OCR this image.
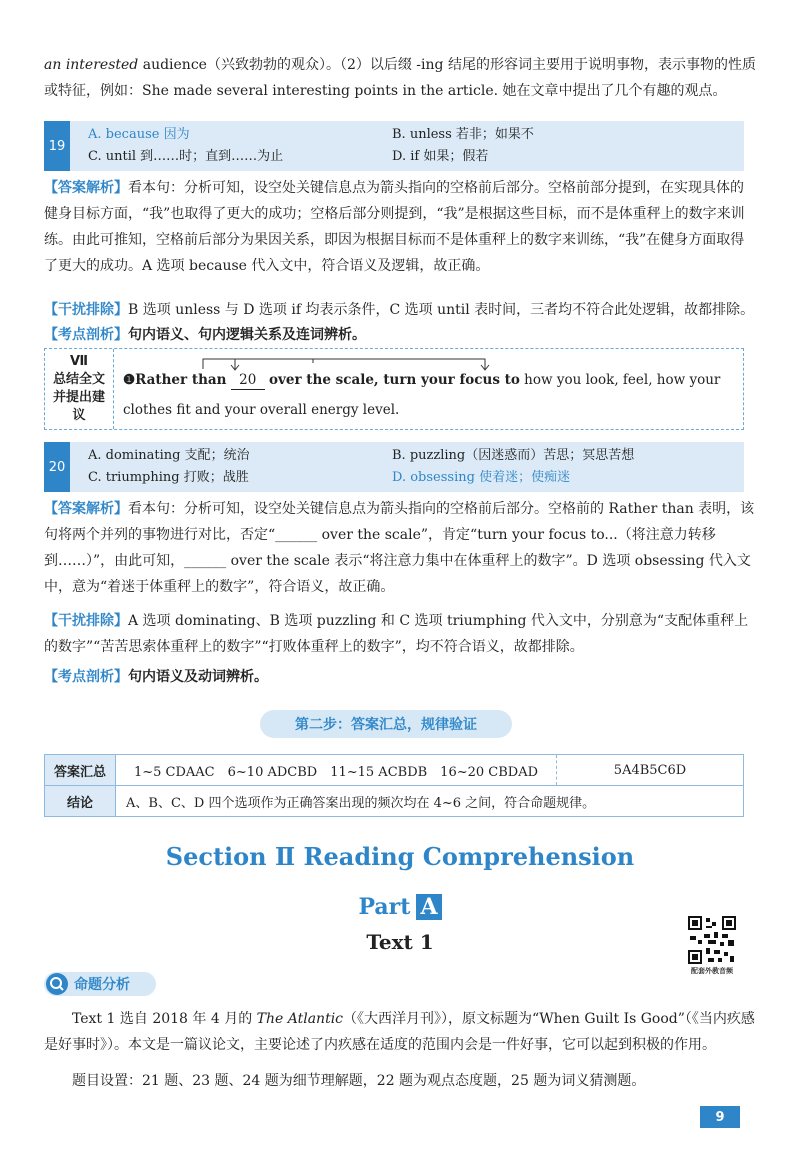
an interested audience（兴致勃勃的观众）。（2）以后缀 -ing 结尾的形容词主要用于说明事物，表示事物的性质
或特征，例如：She made several interesting points in the article. 她在文章中提出了几个有趣的观点。
19
A. because 因为	B. unless 若非；如果不
C. until 到……时；直到……为止	D. if 如果；假若
【答案解析】看本句：分析可知，设空处关键信息点为箭头指向的空格前后部分。空格前部分提到，在实现具体的健身目标方面，“我”也取得了更大的成功；空格后部分则提到，“我”是根据这些目标，而不是体重秤上的数字来训练。由此可推知，空格前后部分为果因关系，即因为根据目标而不是体重秤上的数字来训练，“我”在健身方面取得了更大的成功。A 选项 because 代入文中，符合语义及逻辑，故正确。
【干扰排除】B 选项 unless 与 D 选项 if 均表示条件，C 选项 until 表时间，三者均不符合此处逻辑，故都排除。
【考点剖析】句内语义、句内逻辑关系及连词辨析。
Ⅶ
总结全文
并提出建
议
❶Rather than 20 over the scale, turn your focus to how you look, feel, how your clothes fit and your overall energy level.
20
A. dominating 支配；统治	B. puzzling（因迷惑而）苦思；冥思苦想
C. triumphing 打败；战胜	D. obsessing 使着迷；使痴迷
【答案解析】看本句：分析可知，设空处关键信息点为箭头指向的空格前后部分。空格前的 Rather than 表明，该句将两个并列的事物进行对比，否定“______ over the scale”，肯定“turn your focus to...（将注意力转移到……）”，由此可知，______ over the scale 表示“将注意力集中在体重秤上的数字”。D 选项 obsessing 代入文中，意为“着迷于体重秤上的数字”，符合语义，故正确。
【干扰排除】A 选项 dominating、B 选项 puzzling 和 C 选项 triumphing 代入文中，分别意为“支配体重秤上的数字”“苦苦思索体重秤上的数字”“打败体重秤上的数字”，均不符合语义，故都排除。
【考点剖析】句内语义及动词辨析。
第二步：答案汇总，规律验证
答案汇总	1~5 CDAAC　6~10 ADCBD　11~15 ACBDB　16~20 CBDAD	5A4B5C6D
结论	A、B、C、D 四个选项作为正确答案出现的频次均在 4~6 之间，符合命题规律。
Section Ⅱ Reading Comprehension
Part A
Text 1
配套外教音频
命题分析
Text 1 选自 2018 年 4 月的 The Atlantic（《大西洋月刊》），原文标题为“When Guilt Is Good”（《当内疚感是好事时》）。本文是一篇议论文，主要论述了内疚感在适度的范围内会是一件好事，它可以起到积极的作用。
题目设置：21 题、23 题、24 题为细节理解题，22 题为观点态度题，25 题为词义猜测题。
9
